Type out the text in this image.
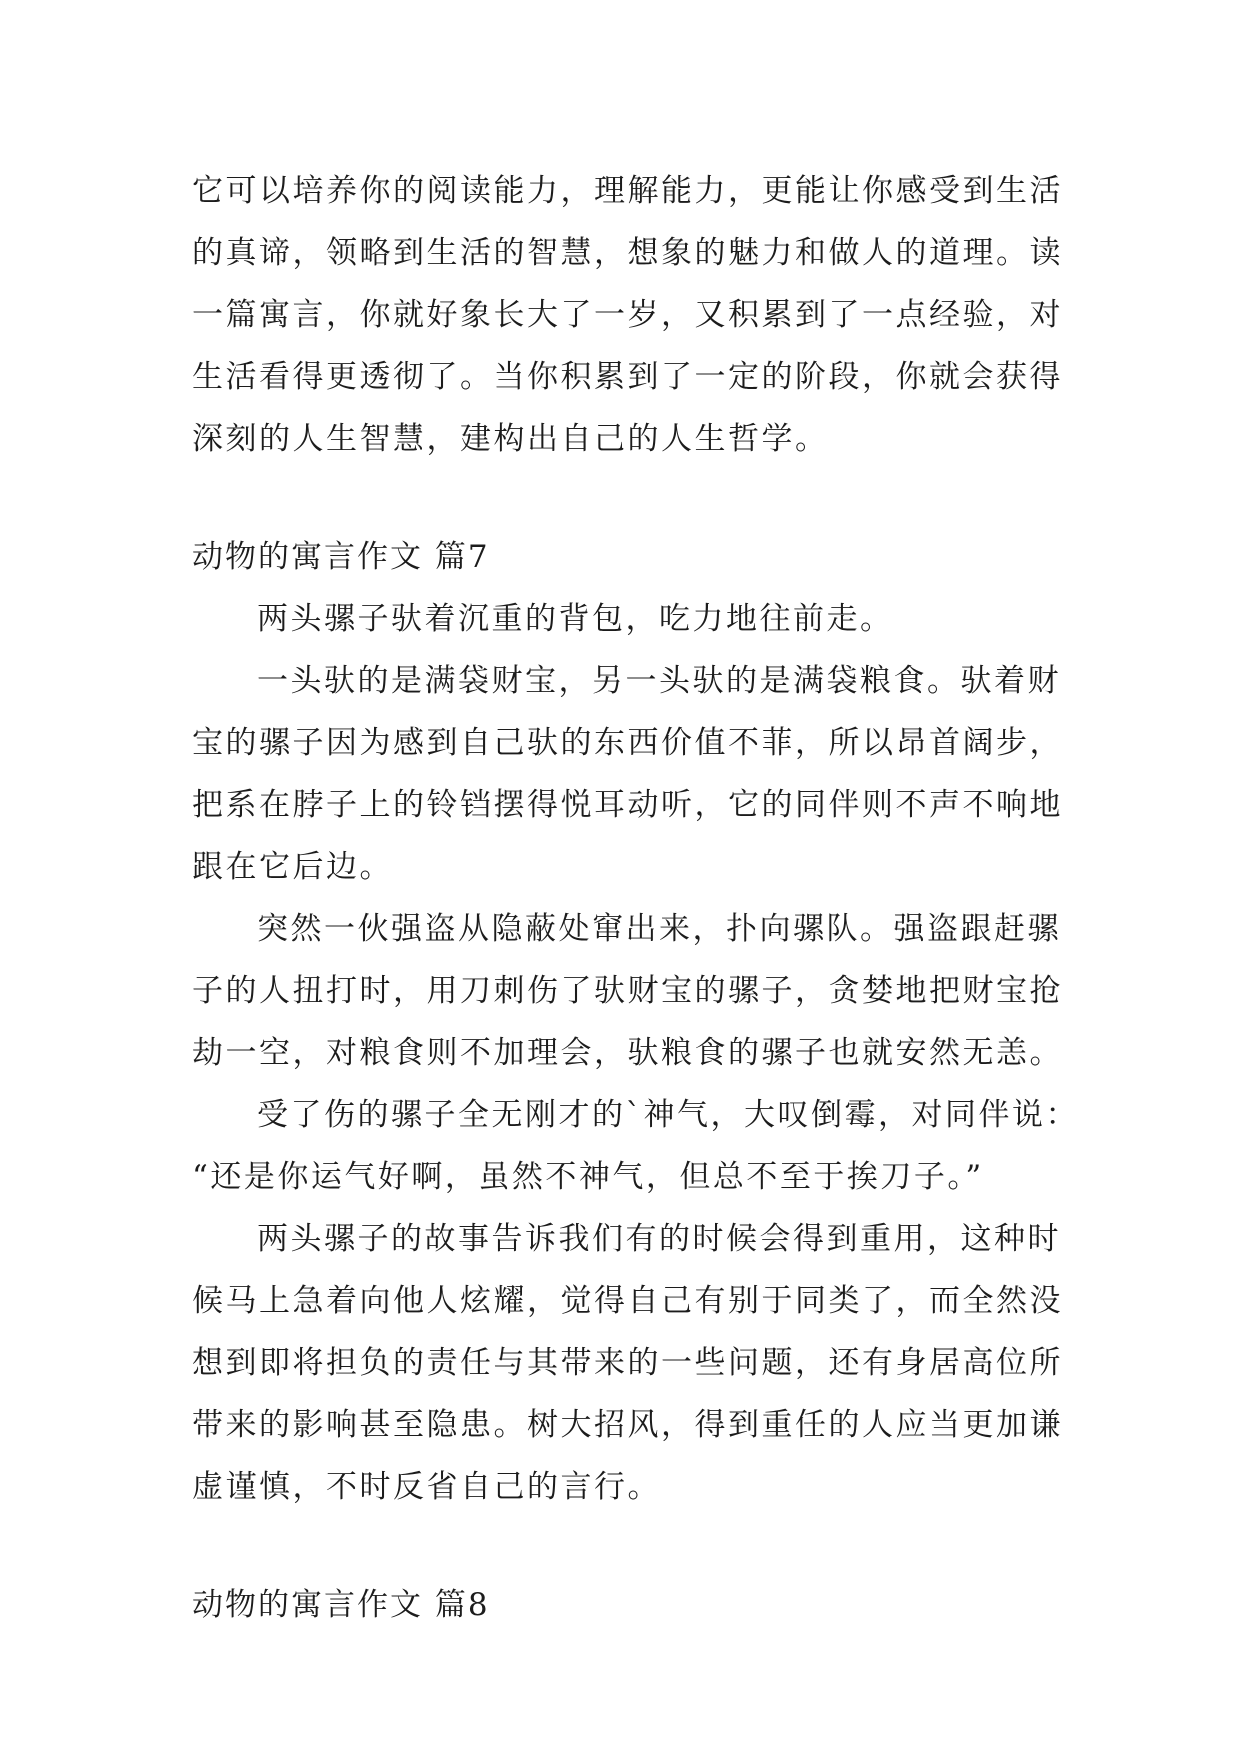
它可以培养你的阅读能力，理解能力，更能让你感受到生活
的真谛，领略到生活的智慧，想象的魅力和做人的道理。读
一篇寓言，你就好象长大了一岁，又积累到了一点经验，对
生活看得更透彻了。当你积累到了一定的阶段，你就会获得
深刻的人生智慧，建构出自己的人生哲学。
动物的寓言作文 篇7
两头骡子驮着沉重的背包，吃力地往前走。
一头驮的是满袋财宝，另一头驮的是满袋粮食。驮着财
宝的骡子因为感到自己驮的东西价值不菲，所以昂首阔步，
把系在脖子上的铃铛摆得悦耳动听，它的同伴则不声不响地
跟在它后边。
突然一伙强盗从隐蔽处窜出来，扑向骡队。强盗跟赶骡
子的人扭打时，用刀刺伤了驮财宝的骡子，贪婪地把财宝抢
劫一空，对粮食则不加理会，驮粮食的骡子也就安然无恙。
受了伤的骡子全无刚才的`神气，大叹倒霉，对同伴说：
“还是你运气好啊，虽然不神气，但总不至于挨刀子。”
两头骡子的故事告诉我们有的时候会得到重用，这种时
候马上急着向他人炫耀，觉得自己有别于同类了，而全然没
想到即将担负的责任与其带来的一些问题，还有身居高位所
带来的影响甚至隐患。树大招风，得到重任的人应当更加谦
虚谨慎，不时反省自己的言行。
动物的寓言作文 篇8
